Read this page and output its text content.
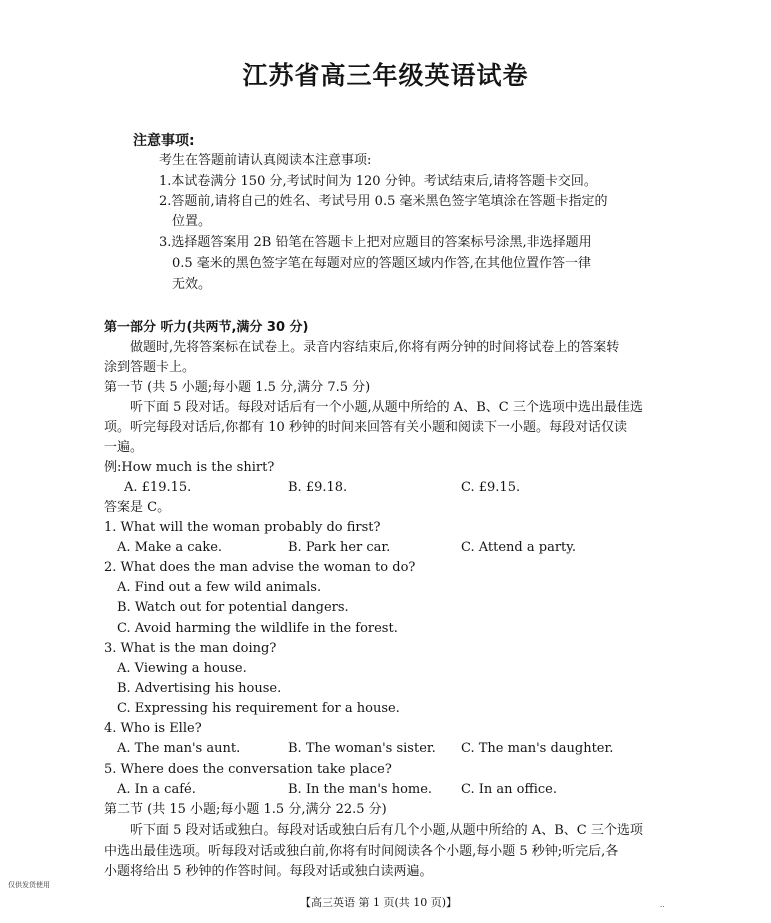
江苏省高三年级英语试卷
注意事项:
考生在答题前请认真阅读本注意事项:
1.本试卷满分 150 分,考试时间为 120 分钟。考试结束后,请将答题卡交回。
2.答题前,请将自己的姓名、考试号用 0.5 毫米黑色签字笔填涂在答题卡指定的
位置。
3.选择题答案用 2B 铅笔在答题卡上把对应题目的答案标号涂黑,非选择题用
0.5 毫米的黑色签字笔在每题对应的答题区域内作答,在其他位置作答一律
无效。
第一部分 听力(共两节,满分 30 分)
做题时,先将答案标在试卷上。录音内容结束后,你将有两分钟的时间将试卷上的答案转
涂到答题卡上。
第一节 (共 5 小题;每小题 1.5 分,满分 7.5 分)
听下面 5 段对话。每段对话后有一个小题,从题中所给的 A、B、C 三个选项中选出最佳选
项。听完每段对话后,你都有 10 秒钟的时间来回答有关小题和阅读下一小题。每段对话仅读
一遍。
例:How much is the shirt?
A. £19.15.	B. £9.18.	C. £9.15.
答案是 C。
1. What will the woman probably do first?
A. Make a cake.	B. Park her car.	C. Attend a party.
2. What does the man advise the woman to do?
A. Find out a few wild animals.
B. Watch out for potential dangers.
C. Avoid harming the wildlife in the forest.
3. What is the man doing?
A. Viewing a house.
B. Advertising his house.
C. Expressing his requirement for a house.
4. Who is Elle?
A. The man's aunt.	B. The woman's sister. C. The man's daughter.
5. Where does the conversation take place?
A. In a café.	B. In the man's home. C. In an office.
第二节 (共 15 小题;每小题 1.5 分,满分 22.5 分)
听下面 5 段对话或独白。每段对话或独白后有几个小题,从题中所给的 A、B、C 三个选项
中选出最佳选项。听每段对话或独白前,你将有时间阅读各个小题,每小题 5 秒钟;听完后,各
小题将给出 5 秒钟的作答时间。每段对话或独白读两遍。
仅供发货使用
【高三英语 第 1 页(共 10 页)】	..
